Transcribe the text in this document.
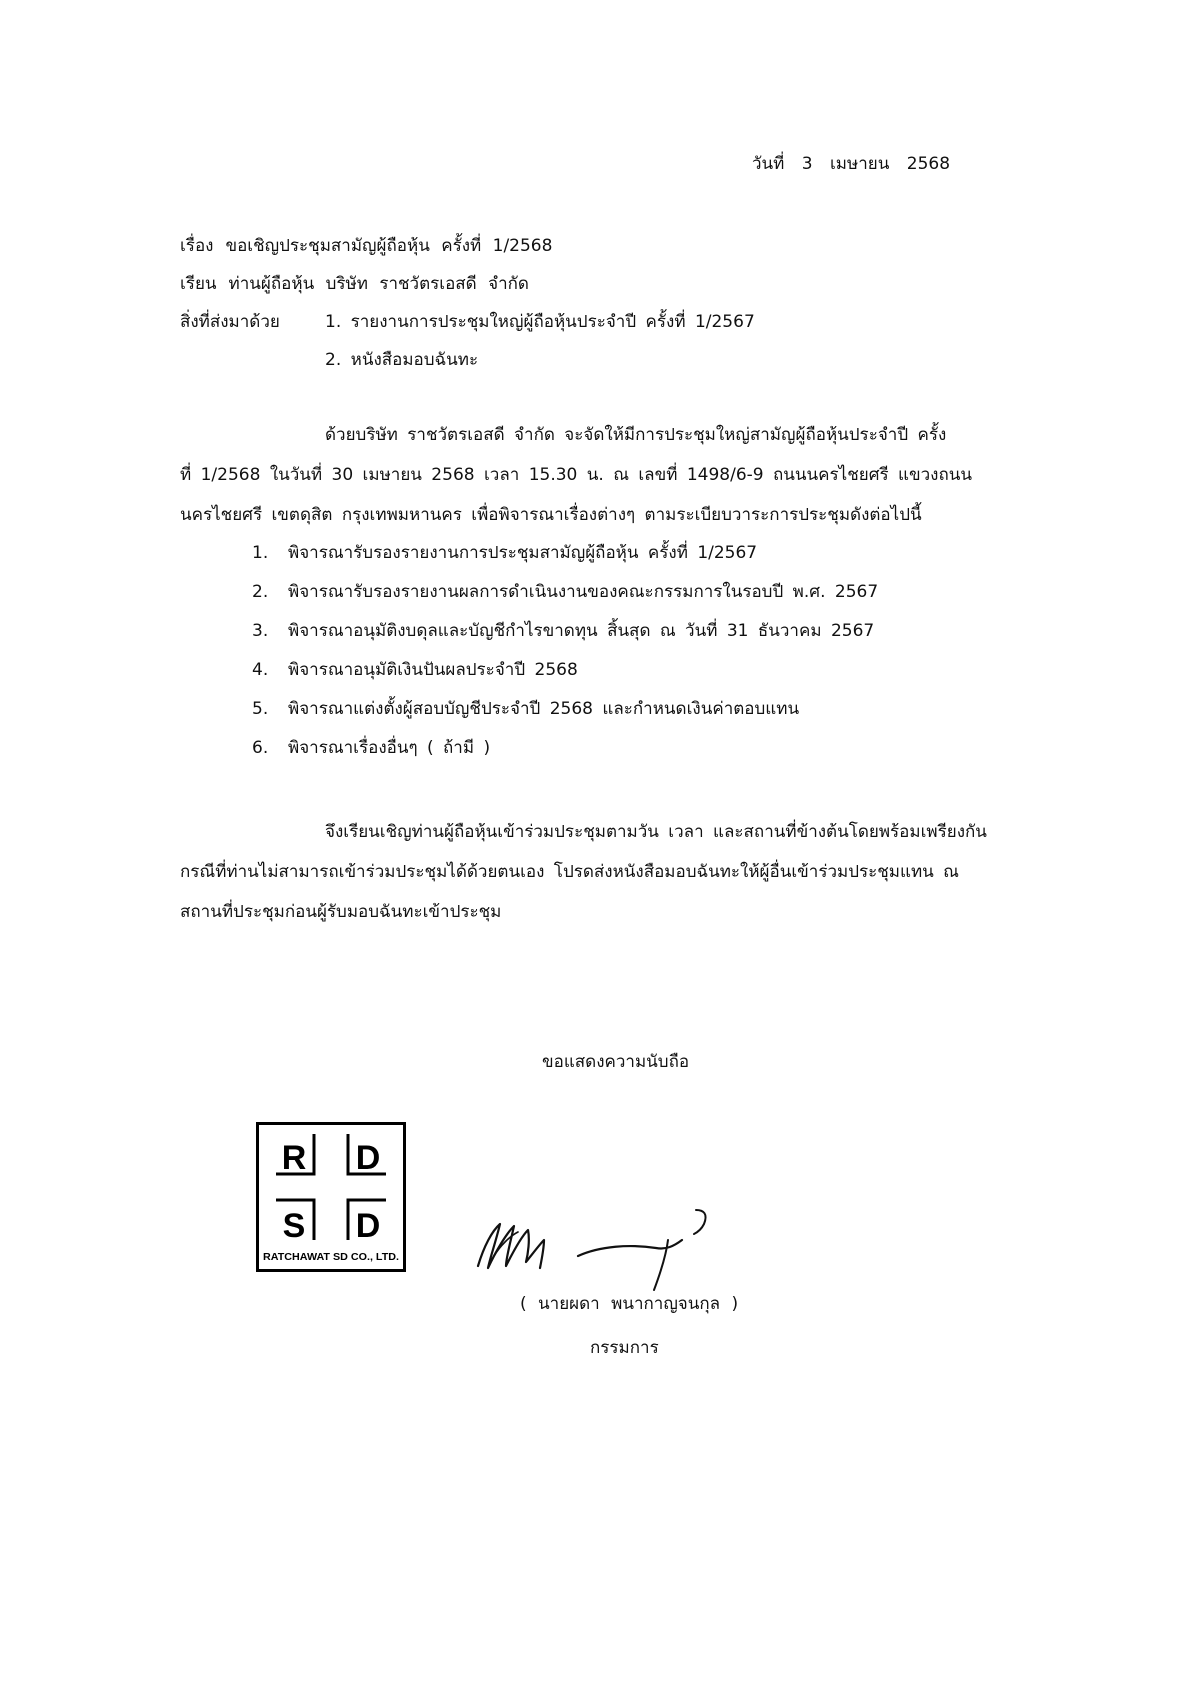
วันที่ 3 เมษายน 2568
เรื่อง ขอเชิญประชุมสามัญผู้ถือหุ้น ครั้งที่ 1/2568
เรียน ท่านผู้ถือหุ้น บริษัท ราชวัตรเอสดี จำกัด
สิ่งที่ส่งมาด้วย	1. รายงานการประชุมใหญ่ผู้ถือหุ้นประจำปี ครั้งที่ 1/2567
2. หนังสือมอบฉันทะ

ด้วยบริษัท ราชวัตรเอสดี จำกัด จะจัดให้มีการประชุมใหญ่สามัญผู้ถือหุ้นประจำปี ครั้ง

ที่ 1/2568 ในวันที่ 30 เมษายน 2568 เวลา 15.30 น. ณ เลขที่ 1498/6-9 ถนนนครไชยศรี แขวงถนน

นครไชยศรี เขตดุสิต กรุงเทพมหานคร เพื่อพิจารณาเรื่องต่างๆ ตามระเบียบวาระการประชุมดังต่อไปนี้

1. พิจารณารับรองรายงานการประชุมสามัญผู้ถือหุ้น ครั้งที่ 1/2567
2. พิจารณารับรองรายงานผลการดำเนินงานของคณะกรรมการในรอบปี พ.ศ. 2567
3. พิจารณาอนุมัติงบดุลและบัญชีกำไรขาดทุน สิ้นสุด ณ วันที่ 31 ธันวาคม 2567
4. พิจารณาอนุมัติเงินปันผลประจำปี 2568
5. พิจารณาแต่งตั้งผู้สอบบัญชีประจำปี 2568 และกำหนดเงินค่าตอบแทน
6. พิจารณาเรื่องอื่นๆ ( ถ้ามี )

จึงเรียนเชิญท่านผู้ถือหุ้นเข้าร่วมประชุมตามวัน เวลา และสถานที่ข้างต้นโดยพร้อมเพรียงกัน

กรณีที่ท่านไม่สามารถเข้าร่วมประชุมได้ด้วยตนเอง โปรดส่งหนังสือมอบฉันทะให้ผู้อื่นเข้าร่วมประชุมแทน ณ

สถานที่ประชุมก่อนผู้รับมอบฉันทะเข้าประชุม

ขอแสดงความนับถือ
R D
S D
RATCHAWAT SD CO., LTD.
( นายผดา พนากาญจนกุล )
กรรมการ
